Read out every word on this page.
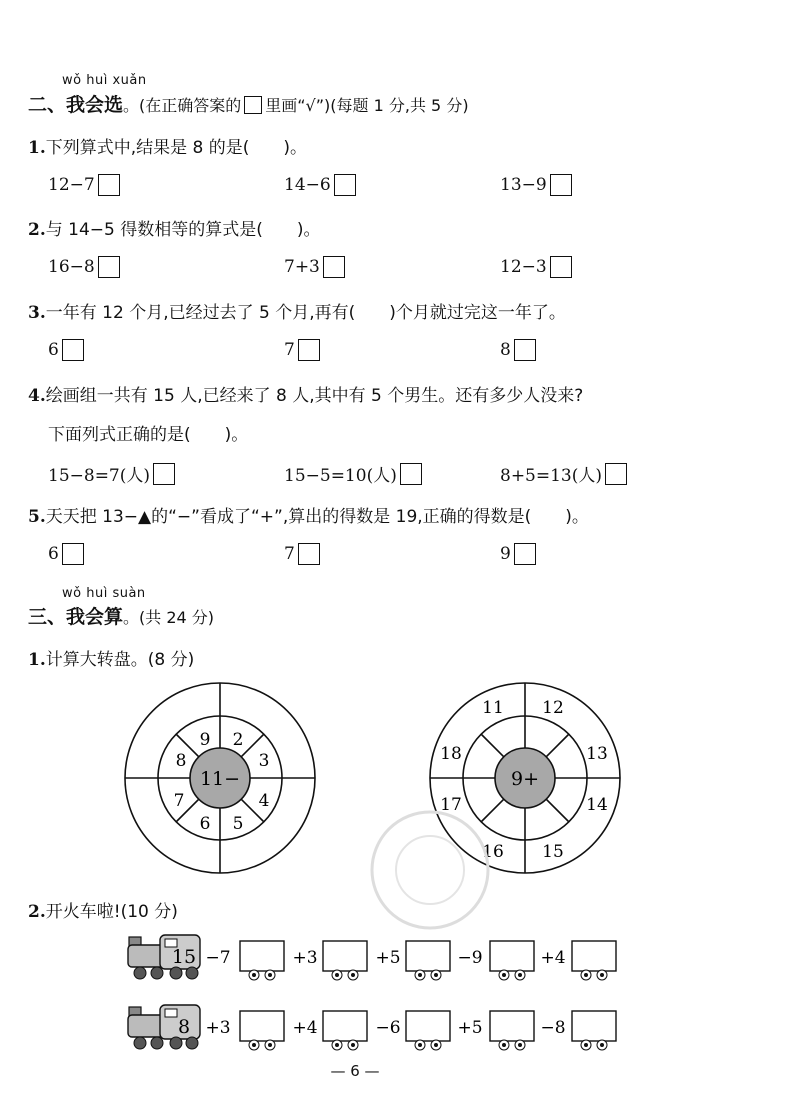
wǒ huì xuǎn
二、我会选。(在正确答案的 里画“√”)(每题 1 分,共 5 分)
1.下列算式中,结果是 8 的是(　　)。
12−7	14−6	13−9
2.与 14−5 得数相等的算式是(　　)。
16−8	7+3	12−3
3.一年有 12 个月,已经过去了 5 个月,再有(　　)个月就过完这一年了。
6	7	8
4.绘画组一共有 15 人,已经来了 8 人,其中有 5 个男生。还有多少人没来?
下面列式正确的是(　　)。
15−8=7(人)	15−5=10(人)	8+5=13(人)
5.天天把 13−▲的“−”看成了“+”,算出的得数是 19,正确的得数是(　　)。
6	7	9
wǒ huì suàn
三、我会算。(共 24 分)
1.计算大转盘。(8 分)
11−
9 2
3
4
5
6
7
8
9+
11 12
13
14
15
16
17
18
2.开火车啦!(10 分)
15 −7	+3	+5	−9	+4
8 +3	+4	−6	+5	−8
— 6 —
